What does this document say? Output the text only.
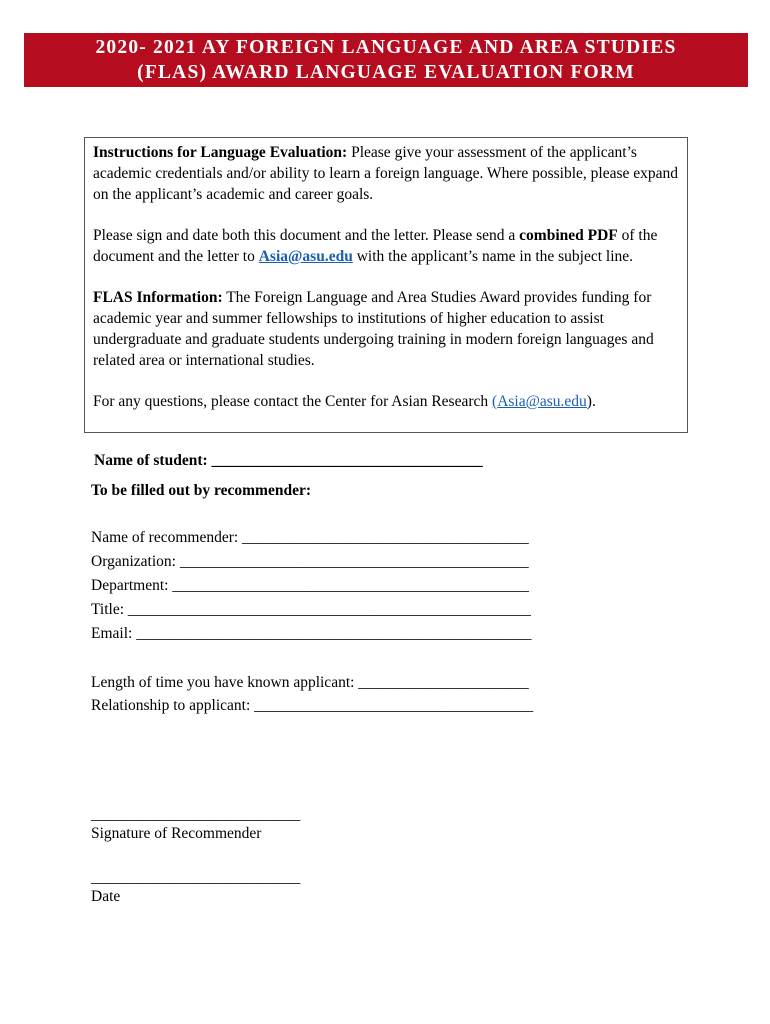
2020- 2021 AY FOREIGN LANGUAGE AND AREA STUDIES
(FLAS) AWARD LANGUAGE EVALUATION FORM

Instructions for Language Evaluation: Please give your assessment of the applicant’s academic credentials and/or ability to learn a foreign language. Where possible, please expand on the applicant’s academic and career goals.

Please sign and date both this document and the letter. Please send a combined PDF of the document and the letter to Asia@asu.edu with the applicant’s name in the subject line.

FLAS Information: The Foreign Language and Area Studies Award provides funding for academic year and summer fellowships to institutions of higher education to assist undergraduate and graduate students undergoing training in modern foreign languages and related area or international studies.

For any questions, please contact the Center for Asian Research (Asia@asu.edu).

Name of student: ___________________________________
To be filled out by recommender:
Name of recommender: _____________________________________
Organization: _____________________________________________
Department: ______________________________________________
Title: ____________________________________________________
Email: ___________________________________________________
Length of time you have known applicant: ______________________
Relationship to applicant: ____________________________________
___________________________
Signature of Recommender
___________________________
Date
